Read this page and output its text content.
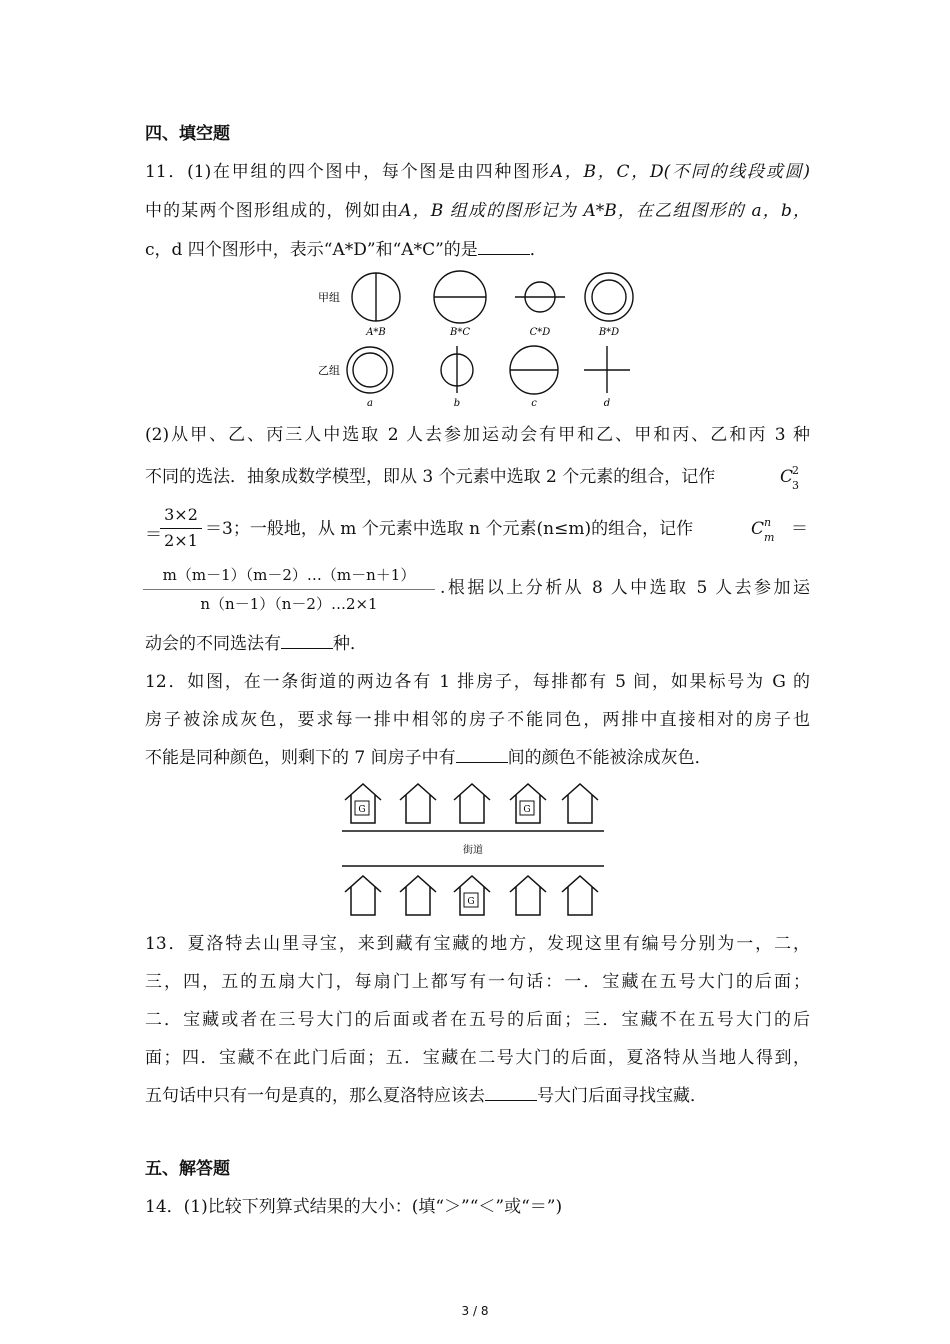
四、填空题
11．(1)在甲组的四个图中，每个图是由四种图形A，B，C，D(不同的线段或圆)
中的某两个图形组成的，例如由A，B 组成的图形记为 A*B，在乙组图形的 a，b，
c，d 四个图形中，表示“A*D”和“A*C”的是	．
甲组
乙组
A*B	B*C	C*D	B*D
a	b	c	d
(2)从甲、乙、丙三人中选取 2 人去参加运动会有甲和乙、甲和丙、乙和丙 3 种
不同的选法．抽象成数学模型，即从 3 个元素中选取 2 个元素的组合，记作	C
2
3
＝
3×2
2×1
＝3；一般地，从 m 个元素中选取 n 个元素(n≤m)的组合，记作	C n
m ＝
m（m－1）（m－2）…（m－n＋1）
n（n－1）（n－2）…2×1
.根据以上分析从 8 人中选取 5 人去参加运
动会的不同选法有	种．
12．如图，在一条街道的两边各有 1 排房子，每排都有 5 间，如果标号为 G 的
房子被涂成灰色，要求每一排中相邻的房子不能同色，两排中直接相对的房子也
不能是同种颜色，则剩下的 7 间房子中有	间的颜色不能被涂成灰色．
G	G
街道
G
13．夏洛特去山里寻宝，来到藏有宝藏的地方，发现这里有编号分别为一，二，
三，四，五的五扇大门，每扇门上都写有一句话：一．宝藏在五号大门的后面；
二．宝藏或者在三号大门的后面或者在五号的后面；三．宝藏不在五号大门的后
面；四．宝藏不在此门后面；五．宝藏在二号大门的后面，夏洛特从当地人得到，
五句话中只有一句是真的，那么夏洛特应该去	号大门后面寻找宝藏．
五、解答题
14．(1)比较下列算式结果的大小：(填“＞”“＜”或“＝”)
3 / 8
